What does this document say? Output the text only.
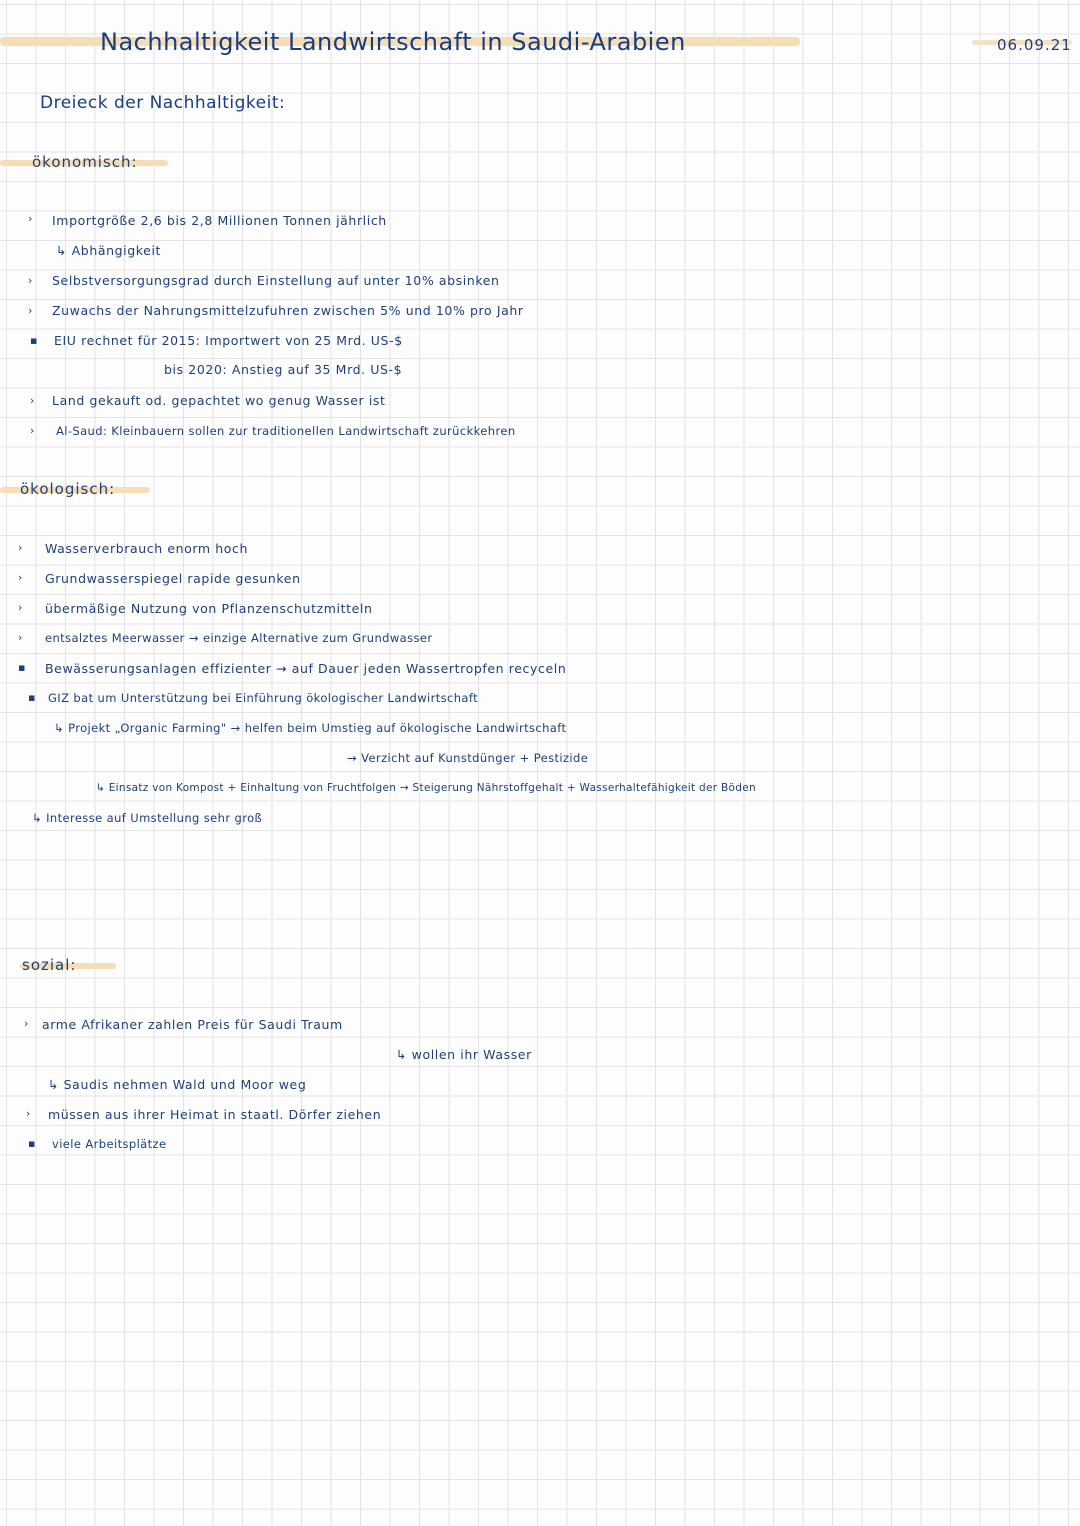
Nachhaltigkeit Landwirtschaft in Saudi-Arabien	06.09.21
Dreieck der Nachhaltigkeit:
ökonomisch:
› Importgröße 2,6 bis 2,8 Millionen Tonnen jährlich
↳ Abhängigkeit
› Selbstversorgungsgrad durch Einstellung auf unter 10% absinken
› Zuwachs der Nahrungsmittelzufuhren zwischen 5% und 10% pro Jahr
▪ EIU rechnet für 2015: Importwert von 25 Mrd. US-$
bis 2020: Anstieg auf 35 Mrd. US-$
› Land gekauft od. gepachtet wo genug Wasser ist
› Al-Saud: Kleinbauern sollen zur traditionellen Landwirtschaft zurückkehren
ökologisch:
› Wasserverbrauch enorm hoch
› Grundwasserspiegel rapide gesunken
› übermäßige Nutzung von Pflanzenschutzmitteln
› entsalztes Meerwasser → einzige Alternative zum Grundwasser
▪ Bewässerungsanlagen effizienter → auf Dauer jeden Wassertropfen recyceln
▪ GIZ bat um Unterstützung bei Einführung ökologischer Landwirtschaft
↳ Projekt „Organic Farming" → helfen beim Umstieg auf ökologische Landwirtschaft
→ Verzicht auf Kunstdünger + Pestizide
↳ Einsatz von Kompost + Einhaltung von Fruchtfolgen → Steigerung Nährstoffgehalt + Wasserhaltefähigkeit der Böden
↳ Interesse auf Umstellung sehr groß
sozial:
› arme Afrikaner zahlen Preis für Saudi Traum
↳ wollen ihr Wasser
↳ Saudis nehmen Wald und Moor weg
› müssen aus ihrer Heimat in staatl. Dörfer ziehen
▪ viele Arbeitsplätze
